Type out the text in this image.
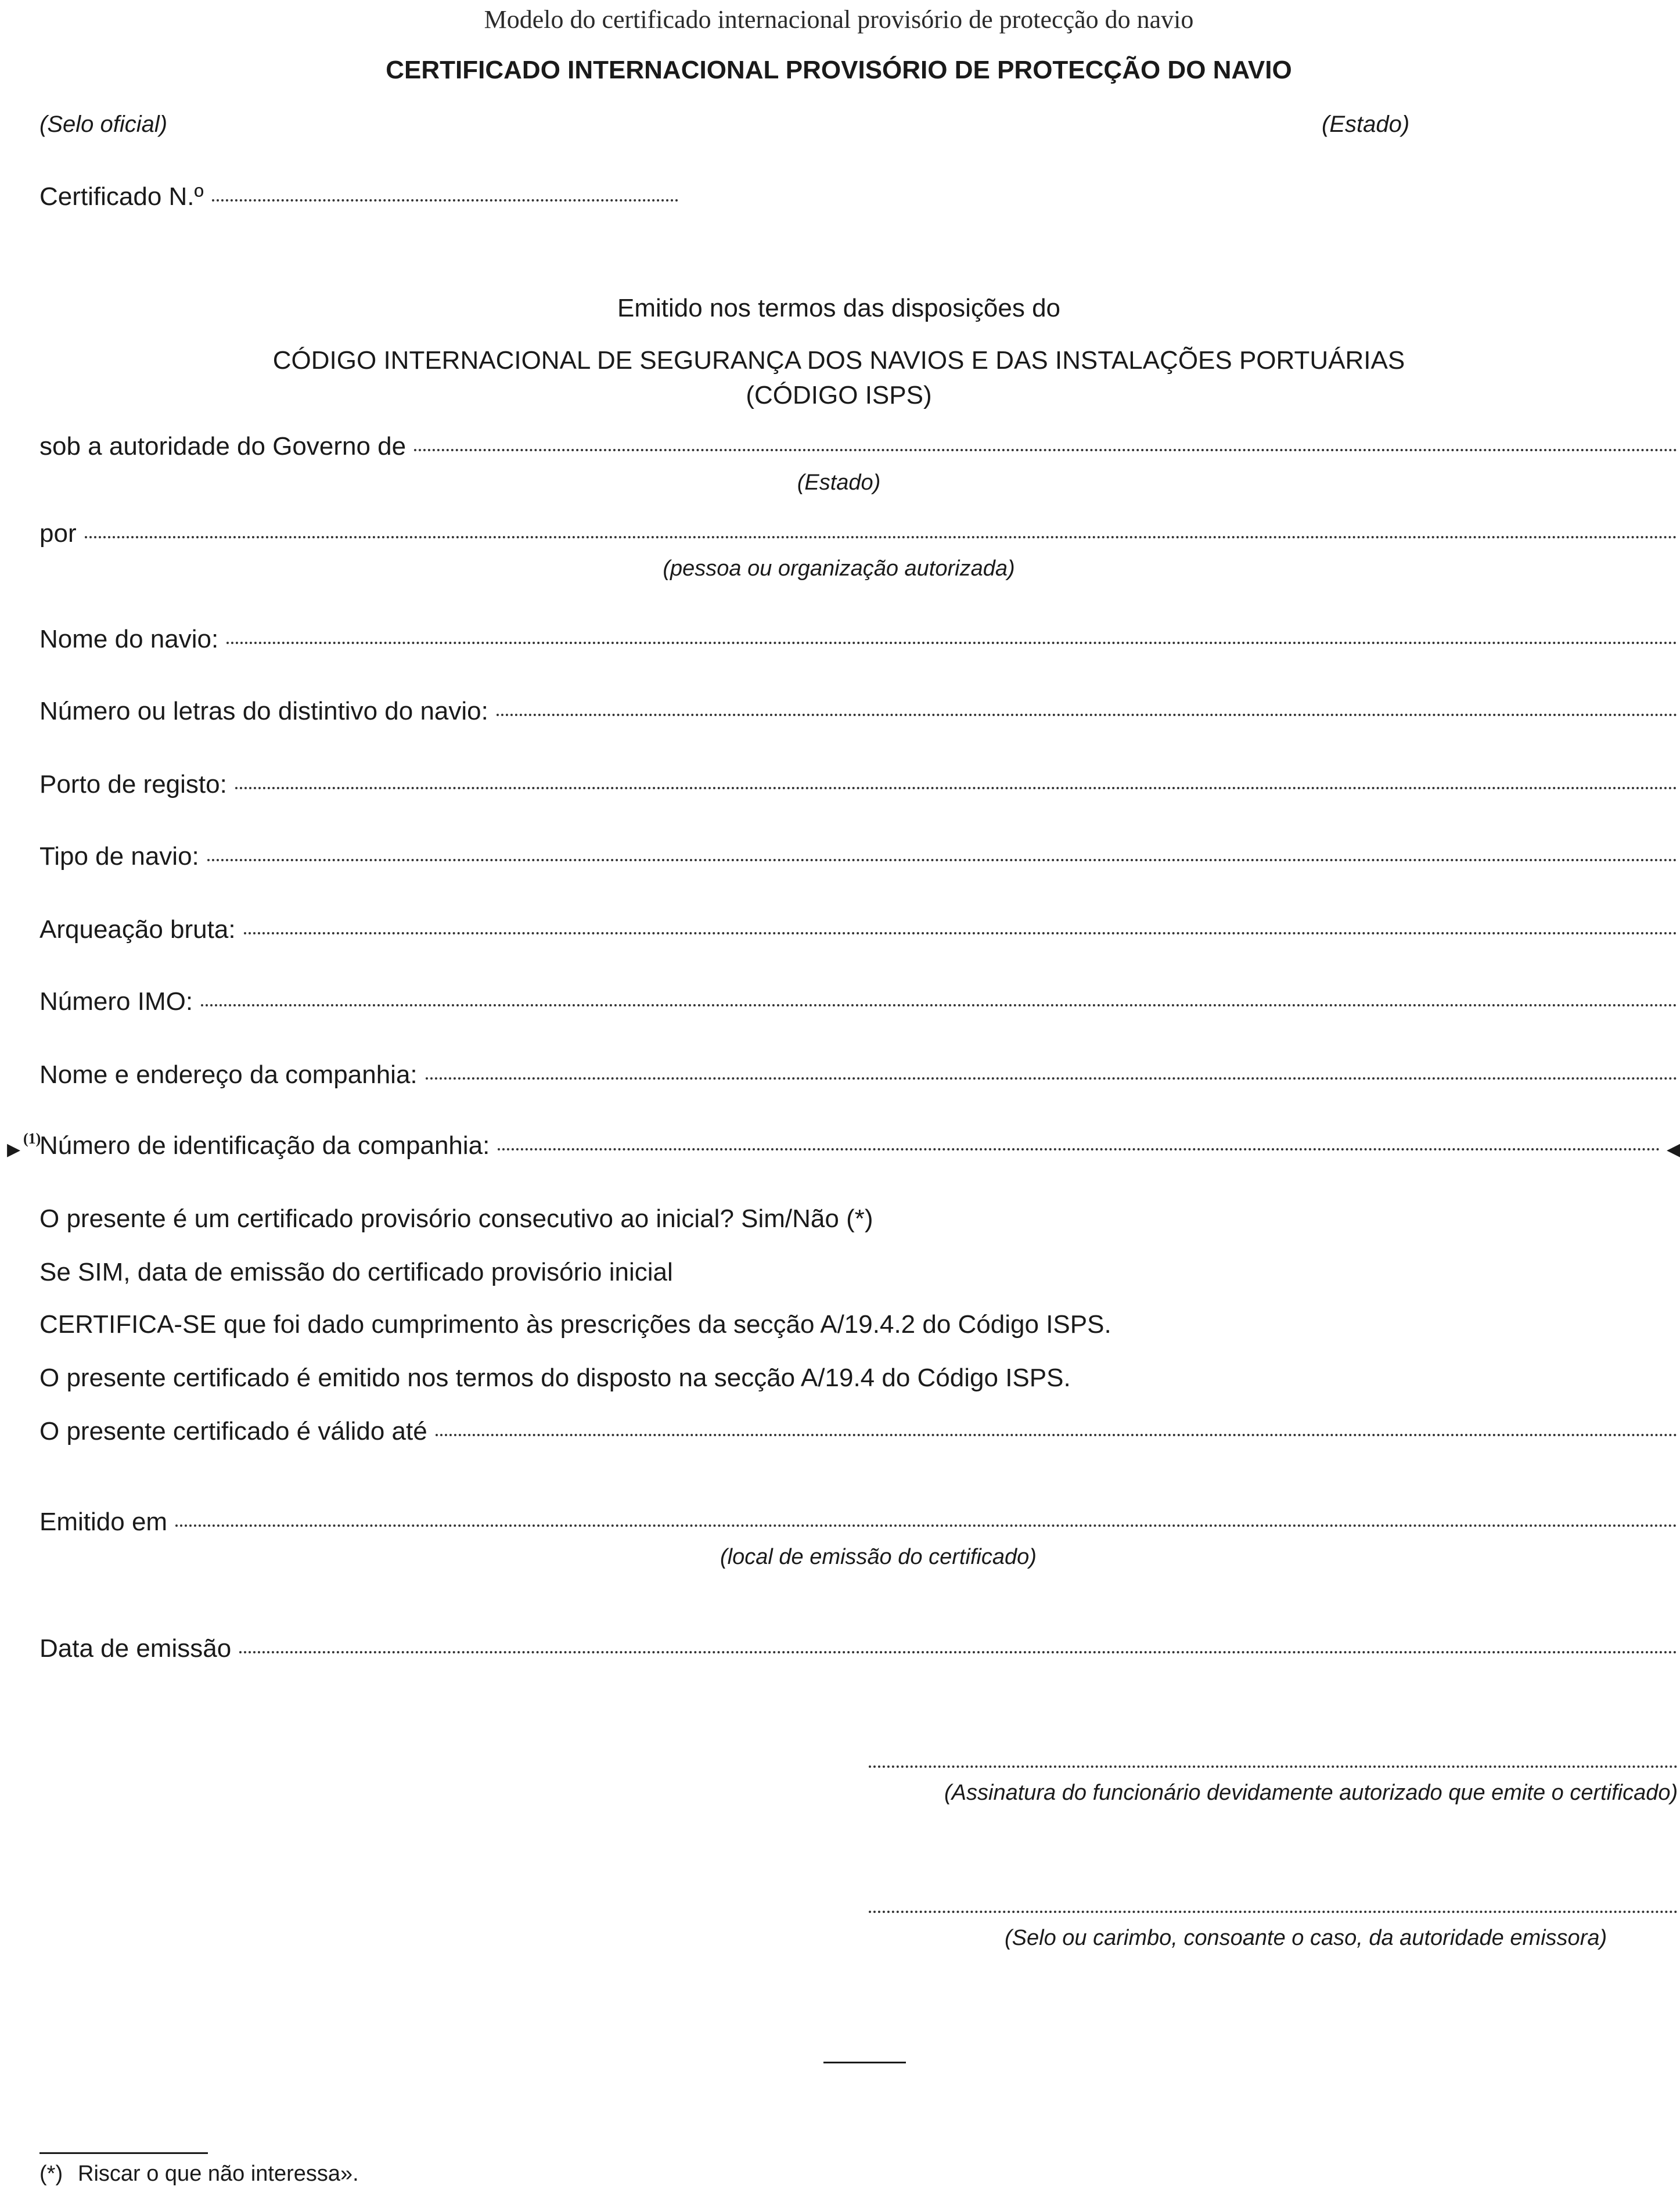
Modelo do certificado internacional provisório de protecção do navio
CERTIFICADO INTERNACIONAL PROVISÓRIO DE PROTECÇÃO DO NAVIO
(Selo oficial)	(Estado)
Certificado N.º
Emitido nos termos das disposições do
CÓDIGO INTERNACIONAL DE SEGURANÇA DOS NAVIOS E DAS INSTALAÇÕES PORTUÁRIAS
(CÓDIGO ISPS)
sob a autoridade do Governo de
(Estado)
por
(pessoa ou organização autorizada)
Nome do navio:
Número ou letras do distintivo do navio:
Porto de registo:
Tipo de navio:
Arqueação bruta:
Número IMO:
Nome e endereço da companhia:
▶
(1)
Número de identificação da companhia:	◀
O presente é um certificado provisório consecutivo ao inicial? Sim/Não (*)
Se SIM, data de emissão do certificado provisório inicial
CERTIFICA-SE que foi dado cumprimento às prescrições da secção A/19.4.2 do Código ISPS.
O presente certificado é emitido nos termos do disposto na secção A/19.4 do Código ISPS.
O presente certificado é válido até
Emitido em
(local de emissão do certificado)
Data de emissão
(Assinatura do funcionário devidamente autorizado que emite o certificado)
(Selo ou carimbo, consoante o caso, da autoridade emissora)
(*) Riscar o que não interessa».
